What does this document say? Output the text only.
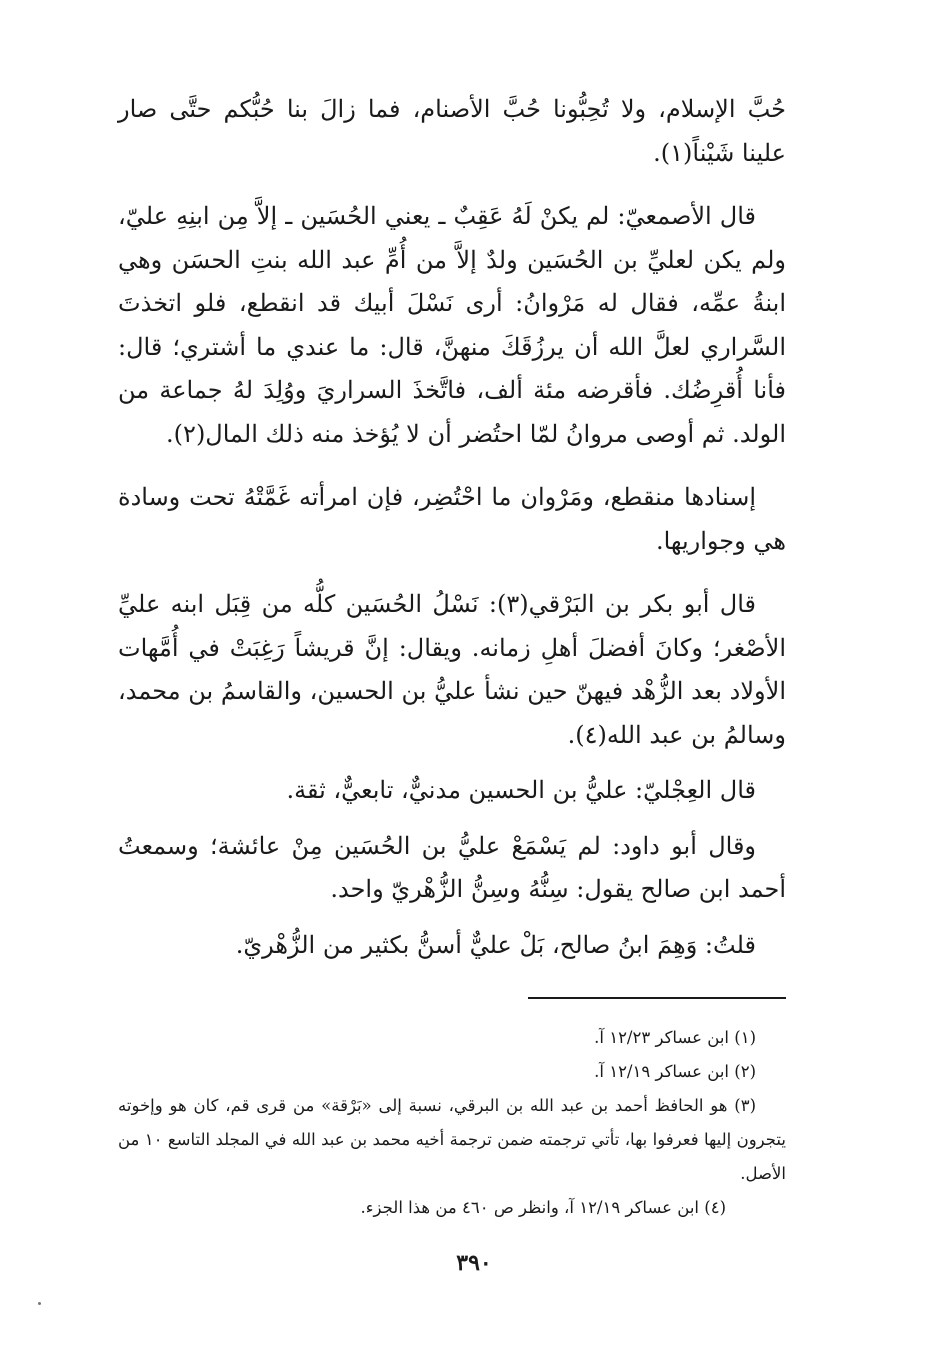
حُبَّ الإسلام، ولا تُحِبُّونا حُبَّ الأصنام، فما زالَ بنا حُبُّكم حتَّى صار علينا شَيْناً(١).

قال الأصمعيّ: لم يكنْ لَهُ عَقِبٌ ـ يعني الحُسَين ـ إلاَّ مِن ابنِهِ عليّ، ولم يكن لعليِّ بن الحُسَين ولدٌ إلاَّ من أُمِّ عبد الله بنتِ الحسَن وهي ابنةُ عمِّه، فقال له مَرْوانُ: أرى نَسْلَ أبيك قد انقطع، فلو اتخذتَ السَّراري لعلَّ الله أن يرزُقَكَ منهنَّ، قال: ما عندي ما أشتري؛ قال: فأنا أُقرِضُك. فأقرضه مئة ألف، فاتَّخذَ السراريَ ووُلِدَ لهُ جماعة من الولد. ثم أوصى مروانُ لمّا احتُضر أن لا يُؤخذ منه ذلك المال(٢).

إسنادها منقطع، ومَرْوان ما احْتُضِر، فإن امرأته غَمَّتْهُ تحت وسادة هي وجواريها.

قال أبو بكر بن البَرْقي(٣): نَسْلُ الحُسَين كلُّه من قِبَل ابنه عليِّ الأصْغر؛ وكانَ أفضلَ أهلِ زمانه. ويقال: إنَّ قريشاً رَغِبَتْ في أُمَّهات الأولاد بعد الزُّهْد فيهنّ حين نشأ عليُّ بن الحسين، والقاسمُ بن محمد، وسالمُ بن عبد الله(٤).

قال العِجْليّ: عليُّ بن الحسين مدنيٌّ، تابعيٌّ، ثقة.

وقال أبو داود: لم يَسْمَعْ عليُّ بن الحُسَين مِنْ عائشة؛ وسمعتُ أحمد ابن صالح يقول: سِنُّهُ وسِنُّ الزُّهْريّ واحد.

قلتُ: وَهِمَ ابنُ صالح، بَلْ عليٌّ أسنُّ بكثير من الزُّهْريّ.

(١) ابن عساكر ١٢/٢٣ آ.

(٢) ابن عساكر ١٢/١٩ آ.

(٣) هو الحافظ أحمد بن عبد الله بن البرقي، نسبة إلى «بَرْقة» من قرى قم، كان هو وإخوته يتجرون إليها فعرفوا بها، تأتي ترجمته ضمن ترجمة أخيه محمد بن عبد الله في المجلد التاسع ١٠ من الأصل.

(٤) ابن عساكر ١٢/١٩ آ، وانظر ص ٤٦٠ من هذا الجزء.

٣٩٠
